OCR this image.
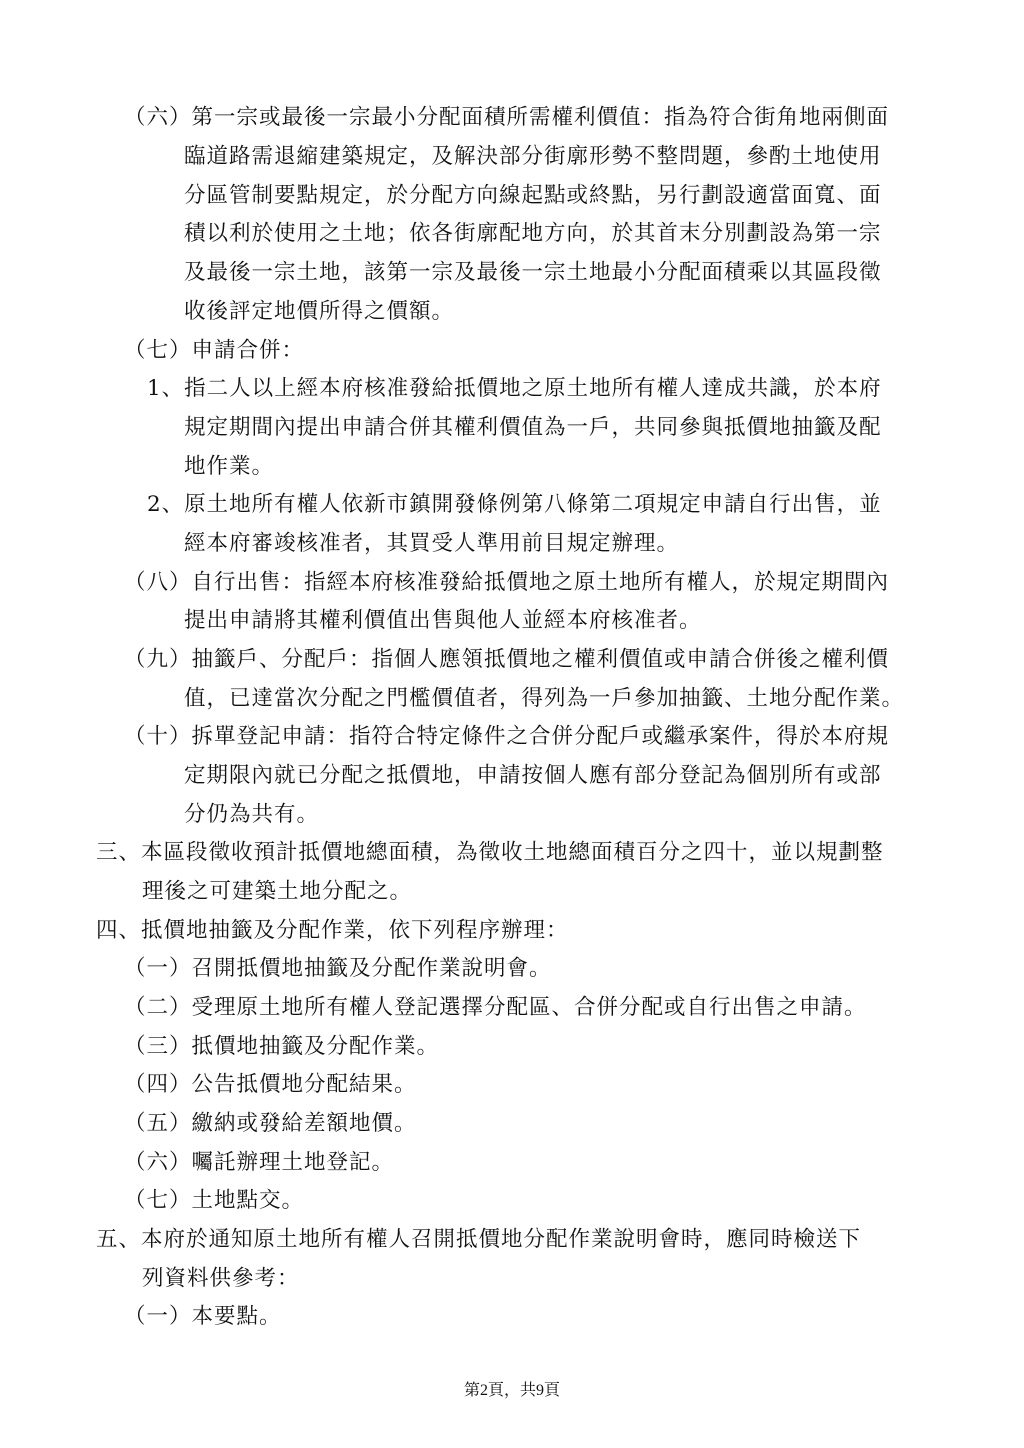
（六）第一宗或最後一宗最小分配面積所需權利價值：指為符合街角地兩側面
臨道路需退縮建築規定，及解決部分街廓形勢不整問題，參酌土地使用
分區管制要點規定，於分配方向線起點或終點，另行劃設適當面寬、面
積以利於使用之土地；依各街廓配地方向，於其首末分別劃設為第一宗
及最後一宗土地，該第一宗及最後一宗土地最小分配面積乘以其區段徵
收後評定地價所得之價額。
（七）申請合併：
1、指二人以上經本府核准發給抵價地之原土地所有權人達成共識，於本府
規定期間內提出申請合併其權利價值為一戶，共同參與抵價地抽籤及配
地作業。
2、原土地所有權人依新市鎮開發條例第八條第二項規定申請自行出售，並
經本府審竣核准者，其買受人準用前目規定辦理。
（八）自行出售：指經本府核准發給抵價地之原土地所有權人，於規定期間內
提出申請將其權利價值出售與他人並經本府核准者。
（九）抽籤戶、分配戶：指個人應領抵價地之權利價值或申請合併後之權利價
值，已達當次分配之門檻價值者，得列為一戶參加抽籤、土地分配作業。
（十）拆單登記申請：指符合特定條件之合併分配戶或繼承案件，得於本府規
定期限內就已分配之抵價地，申請按個人應有部分登記為個別所有或部
分仍為共有。
三、本區段徵收預計抵價地總面積，為徵收土地總面積百分之四十，並以規劃整
理後之可建築土地分配之。
四、抵價地抽籤及分配作業，依下列程序辦理：
（一）召開抵價地抽籤及分配作業說明會。
（二）受理原土地所有權人登記選擇分配區、合併分配或自行出售之申請。
（三）抵價地抽籤及分配作業。
（四）公告抵價地分配結果。
（五）繳納或發給差額地價。
（六）囑託辦理土地登記。
（七）土地點交。
五、本府於通知原土地所有權人召開抵價地分配作業說明會時，應同時檢送下
列資料供參考：
（一）本要點。
第2頁，共9頁
